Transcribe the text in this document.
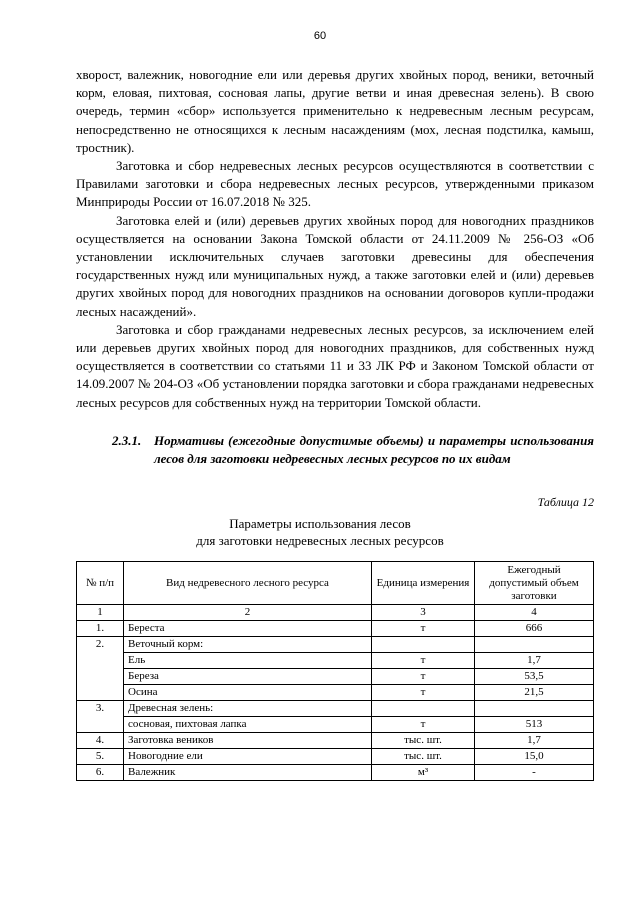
60

хворост, валежник, новогодние ели или деревья других хвойных пород, веники, веточный корм, еловая, пихтовая, сосновая лапы, другие ветви и иная древесная зелень). В свою очередь, термин «сбор» используется применительно к недревесным лесным ресурсам, непосредственно не относящихся к лесным насаждениям (мох, лесная подстилка, камыш, тростник).

Заготовка и сбор недревесных лесных ресурсов осуществляются в соответствии с Правилами заготовки и сбора недревесных лесных ресурсов, утвержденными приказом Минприроды России от 16.07.2018 № 325.

Заготовка елей и (или) деревьев других хвойных пород для новогодних праздников осуществляется на основании Закона Томской области от 24.11.2009 № 256-ОЗ «Об установлении исключительных случаев заготовки древесины для обеспечения государственных нужд или муниципальных нужд, а также заготовки елей и (или) деревьев других хвойных пород для новогодних праздников на основании договоров купли-продажи лесных насаждений».

Заготовка и сбор гражданами недревесных лесных ресурсов, за исключением елей или деревьев других хвойных пород для новогодних праздников, для собственных нужд осуществляется в соответствии со статьями 11 и 33 ЛК РФ и Законом Томской области от 14.09.2007 № 204-ОЗ «Об установлении порядка заготовки и сбора гражданами недревесных лесных ресурсов для собственных нужд на территории Томской области.

2.3.1. Нормативы (ежегодные допустимые объемы) и параметры использования лесов для заготовки недревесных лесных ресурсов по их видам
Таблица 12
Параметры использования лесов
для заготовки недревесных лесных ресурсов
№ п/п	Вид недревесного лесного ресурса	Единица измерения	Ежегодный допустимый объем заготовки
1	2	3	4
1.	Береста	т	666
2.	Веточный корм:		
	Ель	т	1,7
	Береза	т	53,5
	Осина	т	21,5
3.	Древесная зелень:		
	сосновая, пихтовая лапка	т	513
4.	Заготовка веников	тыс. шт.	1,7
5.	Новогодние ели	тыс. шт.	15,0
6.	Валежник	м³	-
